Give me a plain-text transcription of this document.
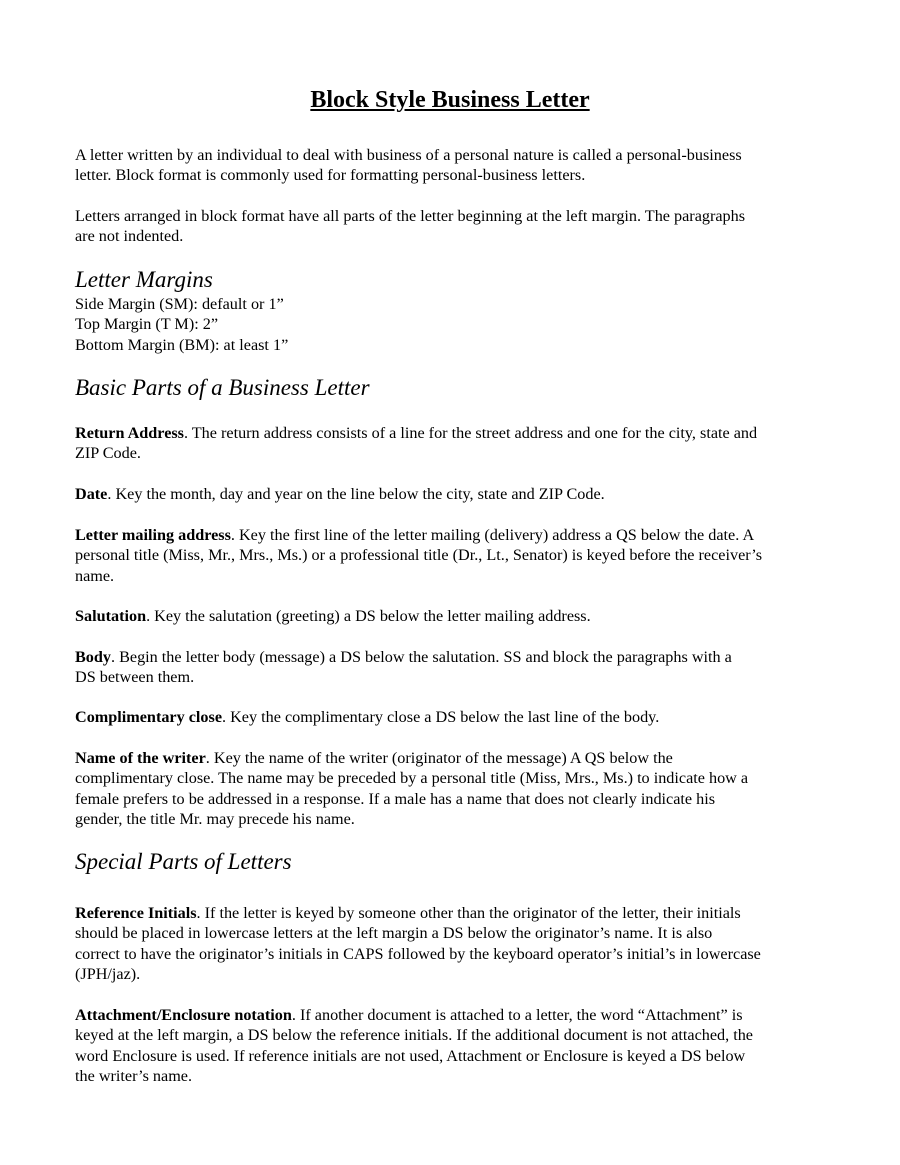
Block Style Business Letter

A letter written by an individual to deal with business of a personal nature is called a personal-business
letter. Block format is commonly used for formatting personal-business letters.

Letters arranged in block format have all parts of the letter beginning at the left margin. The paragraphs
are not indented.

Letter Margins

Side Margin (SM): default or 1”
Top Margin (T M): 2”
Bottom Margin (BM): at least 1”

Basic Parts of a Business Letter

Return Address. The return address consists of a line for the street address and one for the city, state and
ZIP Code.

Date. Key the month, day and year on the line below the city, state and ZIP Code.

Letter mailing address. Key the first line of the letter mailing (delivery) address a QS below the date. A
personal title (Miss, Mr., Mrs., Ms.) or a professional title (Dr., Lt., Senator) is keyed before the receiver’s
name.

Salutation. Key the salutation (greeting) a DS below the letter mailing address.

Body. Begin the letter body (message) a DS below the salutation. SS and block the paragraphs with a
DS between them.

Complimentary close. Key the complimentary close a DS below the last line of the body.

Name of the writer. Key the name of the writer (originator of the message) A QS below the
complimentary close. The name may be preceded by a personal title (Miss, Mrs., Ms.) to indicate how a
female prefers to be addressed in a response. If a male has a name that does not clearly indicate his
gender, the title Mr. may precede his name.

Special Parts of Letters

Reference Initials. If the letter is keyed by someone other than the originator of the letter, their initials
should be placed in lowercase letters at the left margin a DS below the originator’s name. It is also
correct to have the originator’s initials in CAPS followed by the keyboard operator’s initial’s in lowercase
(JPH/jaz).

Attachment/Enclosure notation. If another document is attached to a letter, the word “Attachment” is
keyed at the left margin, a DS below the reference initials. If the additional document is not attached, the
word Enclosure is used. If reference initials are not used, Attachment or Enclosure is keyed a DS below
the writer’s name.
